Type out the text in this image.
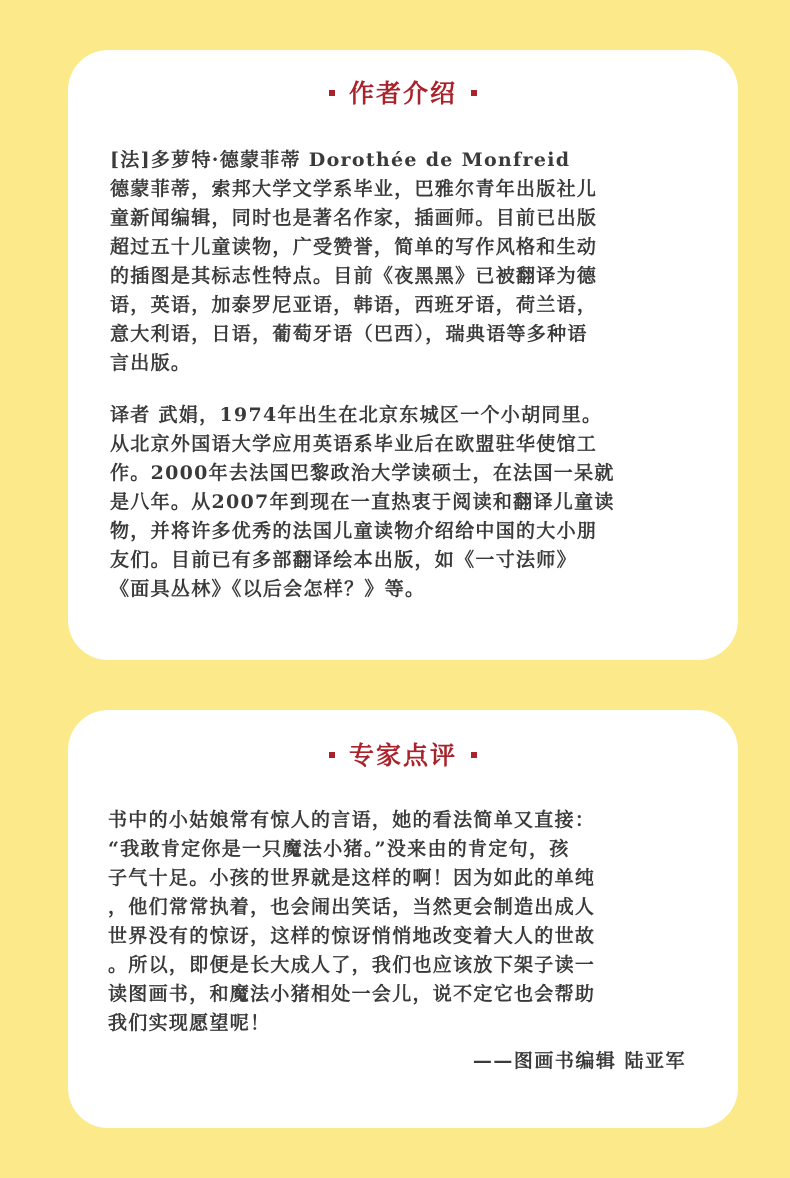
作者介绍
[法]多萝特·德蒙菲蒂 Dorothée de Monfreid
德蒙菲蒂，索邦大学文学系毕业，巴雅尔青年出版社儿
童新闻编辑，同时也是著名作家，插画师。目前已出版
超过五十儿童读物，广受赞誉，简单的写作风格和生动
的插图是其标志性特点。目前《夜黑黑》已被翻译为德
语，英语，加泰罗尼亚语，韩语，西班牙语，荷兰语，
意大利语，日语，葡萄牙语（巴西），瑞典语等多种语
言出版。
译者 武娟，1974年出生在北京东城区一个小胡同里。
从北京外国语大学应用英语系毕业后在欧盟驻华使馆工
作。2000年去法国巴黎政治大学读硕士，在法国一呆就
是八年。从2007年到现在一直热衷于阅读和翻译儿童读
物，并将许多优秀的法国儿童读物介绍给中国的大小朋
友们。目前已有多部翻译绘本出版，如《一寸法师》
《面具丛林》《以后会怎样？》等。
专家点评
书中的小姑娘常有惊人的言语，她的看法简单又直接：
“我敢肯定你是一只魔法小猪。”没来由的肯定句，孩
子气十足。小孩的世界就是这样的啊！因为如此的单纯
，他们常常执着，也会闹出笑话，当然更会制造出成人
世界没有的惊讶，这样的惊讶悄悄地改变着大人的世故
。所以，即便是长大成人了，我们也应该放下架子读一
读图画书，和魔法小猪相处一会儿，说不定它也会帮助
我们实现愿望呢！
——图画书编辑 陆亚军
